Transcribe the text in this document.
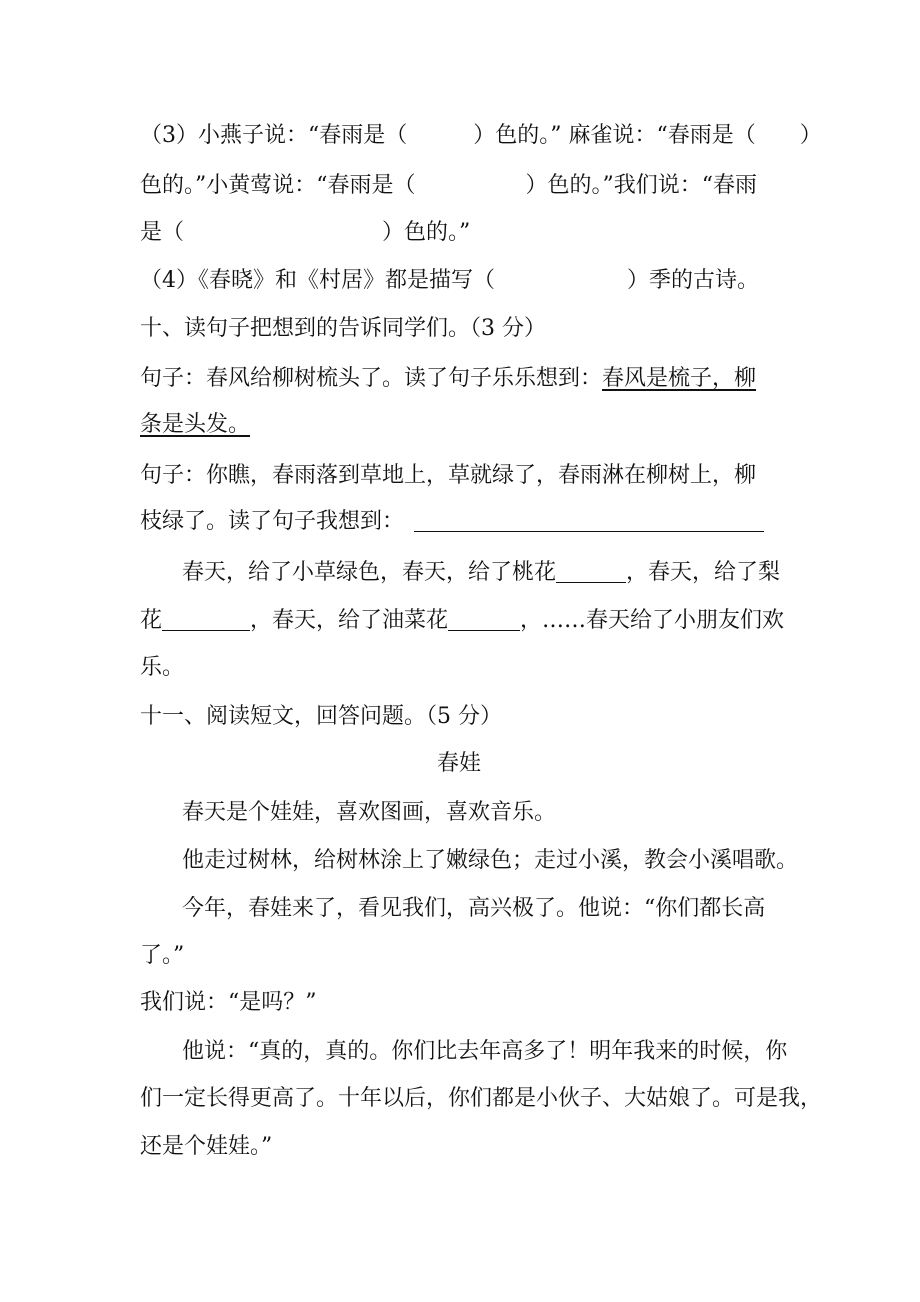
（3）小燕子说：“春雨是（　　　）色的。” 麻雀说：“春雨是（　　）
色的。”小黄莺说：“春雨是（　　　　　）色的。”我们说：“春雨
是（　　　　　　　　　）色的。”
（4）《春晓》和《村居》都是描写（　　　　　　）季的古诗。
十、读句子把想到的告诉同学们。（3 分）
句子：春风给柳树梳头了。读了句子乐乐想到：春风是梳子，柳
条是头发。
句子：你瞧，春雨落到草地上，草就绿了，春雨淋在柳树上，柳
枝绿了。读了句子我想到：
春天，给了小草绿色，春天，给了桃花	，春天，给了梨
花	，春天，给了油菜花	，……春天给了小朋友们欢
乐。
十一、阅读短文，回答问题。（5 分）
春娃
春天是个娃娃，喜欢图画，喜欢音乐。
他走过树林，给树林涂上了嫩绿色；走过小溪，教会小溪唱歌。
今年，春娃来了，看见我们，高兴极了。他说：“你们都长高
了。”
我们说：“是吗？”
他说：“真的，真的。你们比去年高多了！明年我来的时候，你
们一定长得更高了。十年以后，你们都是小伙子、大姑娘了。可是我，
还是个娃娃。”
